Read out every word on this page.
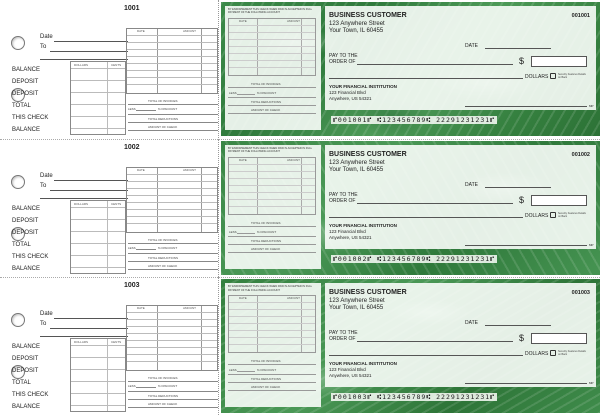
1001
Date
To
DATE	AMOUNT
DOLLARS	CENTS
BALANCE
DEPOSIT
DEPOSIT
TOTAL
THIS CHECK
BALANCE
TOTAL OF INVOICES
LESS	% DISCOUNT
TOTAL DEDUCTIONS
AMOUNT OF CHECK
BY ENDORSEMENT THIS CHECK WHEN PAID IS ACCEPTED IN FULL PAYMENT OF THE FOLLOWING ACCOUNT
DATE	AMOUNT
TOTAL OF INVOICES
LESS	% DISCOUNT
TOTAL DEDUCTIONS
AMOUNT OF CHECK
BUSINESS CUSTOMER
123 Anywhere Street
Your Town, IL 60455
001001
DATE
PAY TO THE ORDER OF	$
DOLLARS	Security Features Details on Back
YOUR FINANCIAL INSTITUTION
123 Financial Blvd
Anywhere, US 54321
MP
⑈001001⑈ ⑆123456789⑆ 22291231231⑈
1002
Date
To
DATE	AMOUNT
DOLLARS	CENTS
BALANCE
DEPOSIT
DEPOSIT
TOTAL
THIS CHECK
BALANCE
TOTAL OF INVOICES
LESS	% DISCOUNT
TOTAL DEDUCTIONS
AMOUNT OF CHECK
BY ENDORSEMENT THIS CHECK WHEN PAID IS ACCEPTED IN FULL PAYMENT OF THE FOLLOWING ACCOUNT
DATE	AMOUNT
TOTAL OF INVOICES
LESS	% DISCOUNT
TOTAL DEDUCTIONS
AMOUNT OF CHECK
BUSINESS CUSTOMER
123 Anywhere Street
Your Town, IL 60455
001002
DATE
PAY TO THE ORDER OF	$
DOLLARS	Security Features Details on Back
YOUR FINANCIAL INSTITUTION
123 Financial Blvd
Anywhere, US 54321
MP
⑈001002⑈ ⑆123456789⑆ 22291231231⑈
1003
Date
To
DATE	AMOUNT
DOLLARS	CENTS
BALANCE
DEPOSIT
DEPOSIT
TOTAL
THIS CHECK
BALANCE
TOTAL OF INVOICES
LESS	% DISCOUNT
TOTAL DEDUCTIONS
AMOUNT OF CHECK
BY ENDORSEMENT THIS CHECK WHEN PAID IS ACCEPTED IN FULL PAYMENT OF THE FOLLOWING ACCOUNT
DATE	AMOUNT
TOTAL OF INVOICES
LESS	% DISCOUNT
TOTAL DEDUCTIONS
AMOUNT OF CHECK
BUSINESS CUSTOMER
123 Anywhere Street
Your Town, IL 60455
001003
DATE
PAY TO THE ORDER OF	$
DOLLARS	Security Features Details on Back
YOUR FINANCIAL INSTITUTION
123 Financial Blvd
Anywhere, US 54321
MP
⑈001003⑈ ⑆123456789⑆ 22291231231⑈
